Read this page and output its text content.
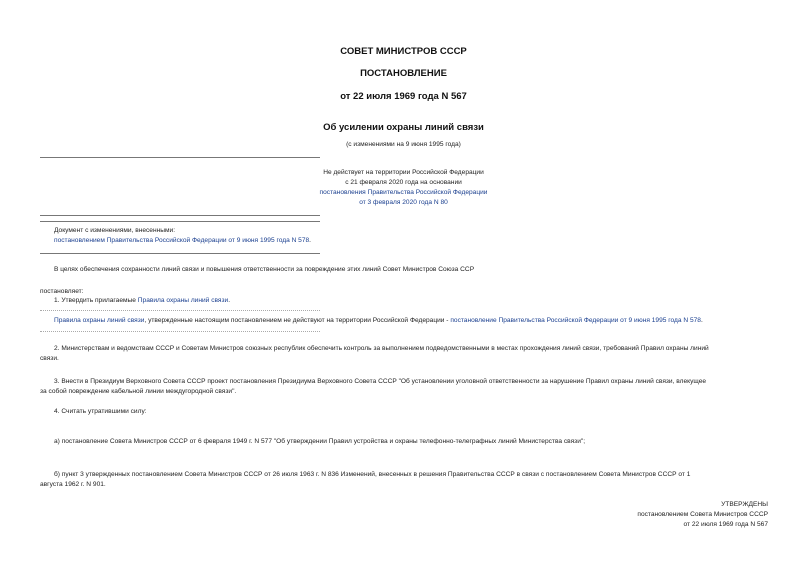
СОВЕТ МИНИСТРОВ СССР
ПОСТАНОВЛЕНИЕ
от 22 июля 1969 года N 567
Об усилении охраны линий связи
(с изменениями на 9 июня 1995 года)
Не действует на территории Российской Федерации
с 21 февраля 2020 года на основании
постановления Правительства Российской Федерации
от 3 февраля 2020 года N 80
Документ с изменениями, внесенными:
постановлением Правительства Российской Федерации от 9 июня 1995 года N 578.
В целях обеспечения сохранности линий связи и повышения ответственности за повреждение этих линий Совет Министров Союза ССР
постановляет:
1. Утвердить прилагаемые Правила охраны линий связи.
Правила охраны линий связи, утвержденные настоящим постановлением не действуют на территории Российской Федерации - постановление Правительства Российской Федерации от 9 июня 1995 года N 578.
2. Министерствам и ведомствам СССР и Советам Министров союзных республик обеспечить контроль за выполнением подведомственными в местах прохождения линий связи, требований Правил охраны линий
связи.
3. Внести в Президиум Верховного Совета СССР проект постановления Президиума Верховного Совета СССР "Об установлении уголовной ответственности за нарушение Правил охраны линий связи, влекущее
за собой повреждение кабельной линии междугородной связи".
4. Считать утратившими силу:
а) постановление Совета Министров СССР от 6 февраля 1949 г. N 577 "Об утверждении Правил устройства и охраны телефонно-телеграфных линий Министерства связи";
б) пункт 3 утвержденных постановлением Совета Министров СССР от 26 июля 1963 г. N 836 Изменений, внесенных в решения Правительства СССР в связи с постановлением Совета Министров СССР от 1
августа 1962 г. N 901.
УТВЕРЖДЕНЫ
постановлением Совета Министров СССР
от 22 июля 1969 года N 567
